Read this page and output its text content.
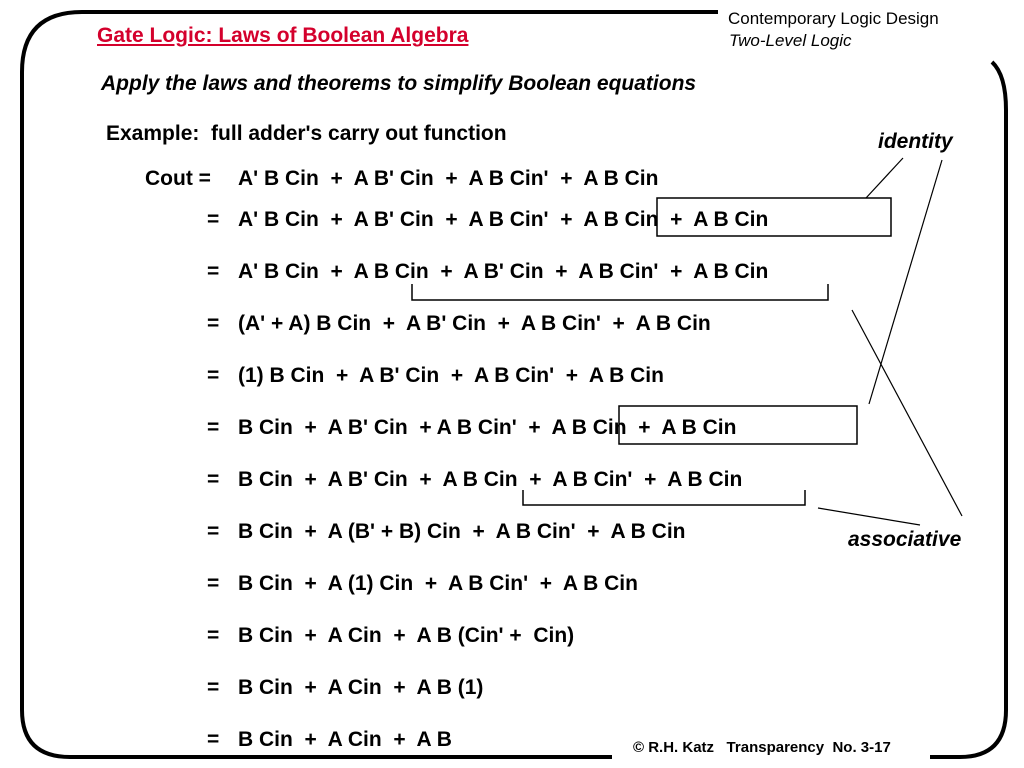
Gate Logic: Laws of Boolean Algebra
Contemporary Logic Design
Two-Level Logic
Apply the laws and theorems to simplify Boolean equations
Example:  full adder's carry out function
Cout = A' B Cin  +  A B' Cin  +  A B Cin'  +  A B Cin
= A' B Cin  +  A B' Cin  +  A B Cin'  +  A B Cin  +  A B Cin
= A' B Cin  +  A B Cin  +  A B' Cin  +  A B Cin'  +  A B Cin
= (A' + A) B Cin  +  A B' Cin  +  A B Cin'  +  A B Cin
= (1) B Cin  +  A B' Cin  +  A B Cin'  +  A B Cin
= B Cin  +  A B' Cin  + A B Cin'  +  A B Cin  +  A B Cin
= B Cin  +  A B' Cin  +  A B Cin  +  A B Cin'  +  A B Cin
= B Cin  +  A (B' + B) Cin  +  A B Cin'  +  A B Cin
= B Cin  +  A (1) Cin  +  A B Cin'  +  A B Cin
= B Cin  +  A Cin  +  A B (Cin' +  Cin)
= B Cin  +  A Cin  +  A B (1)
= B Cin  +  A Cin  +  A B
identity
associative
© R.H. Katz   Transparency  No. 3-17
